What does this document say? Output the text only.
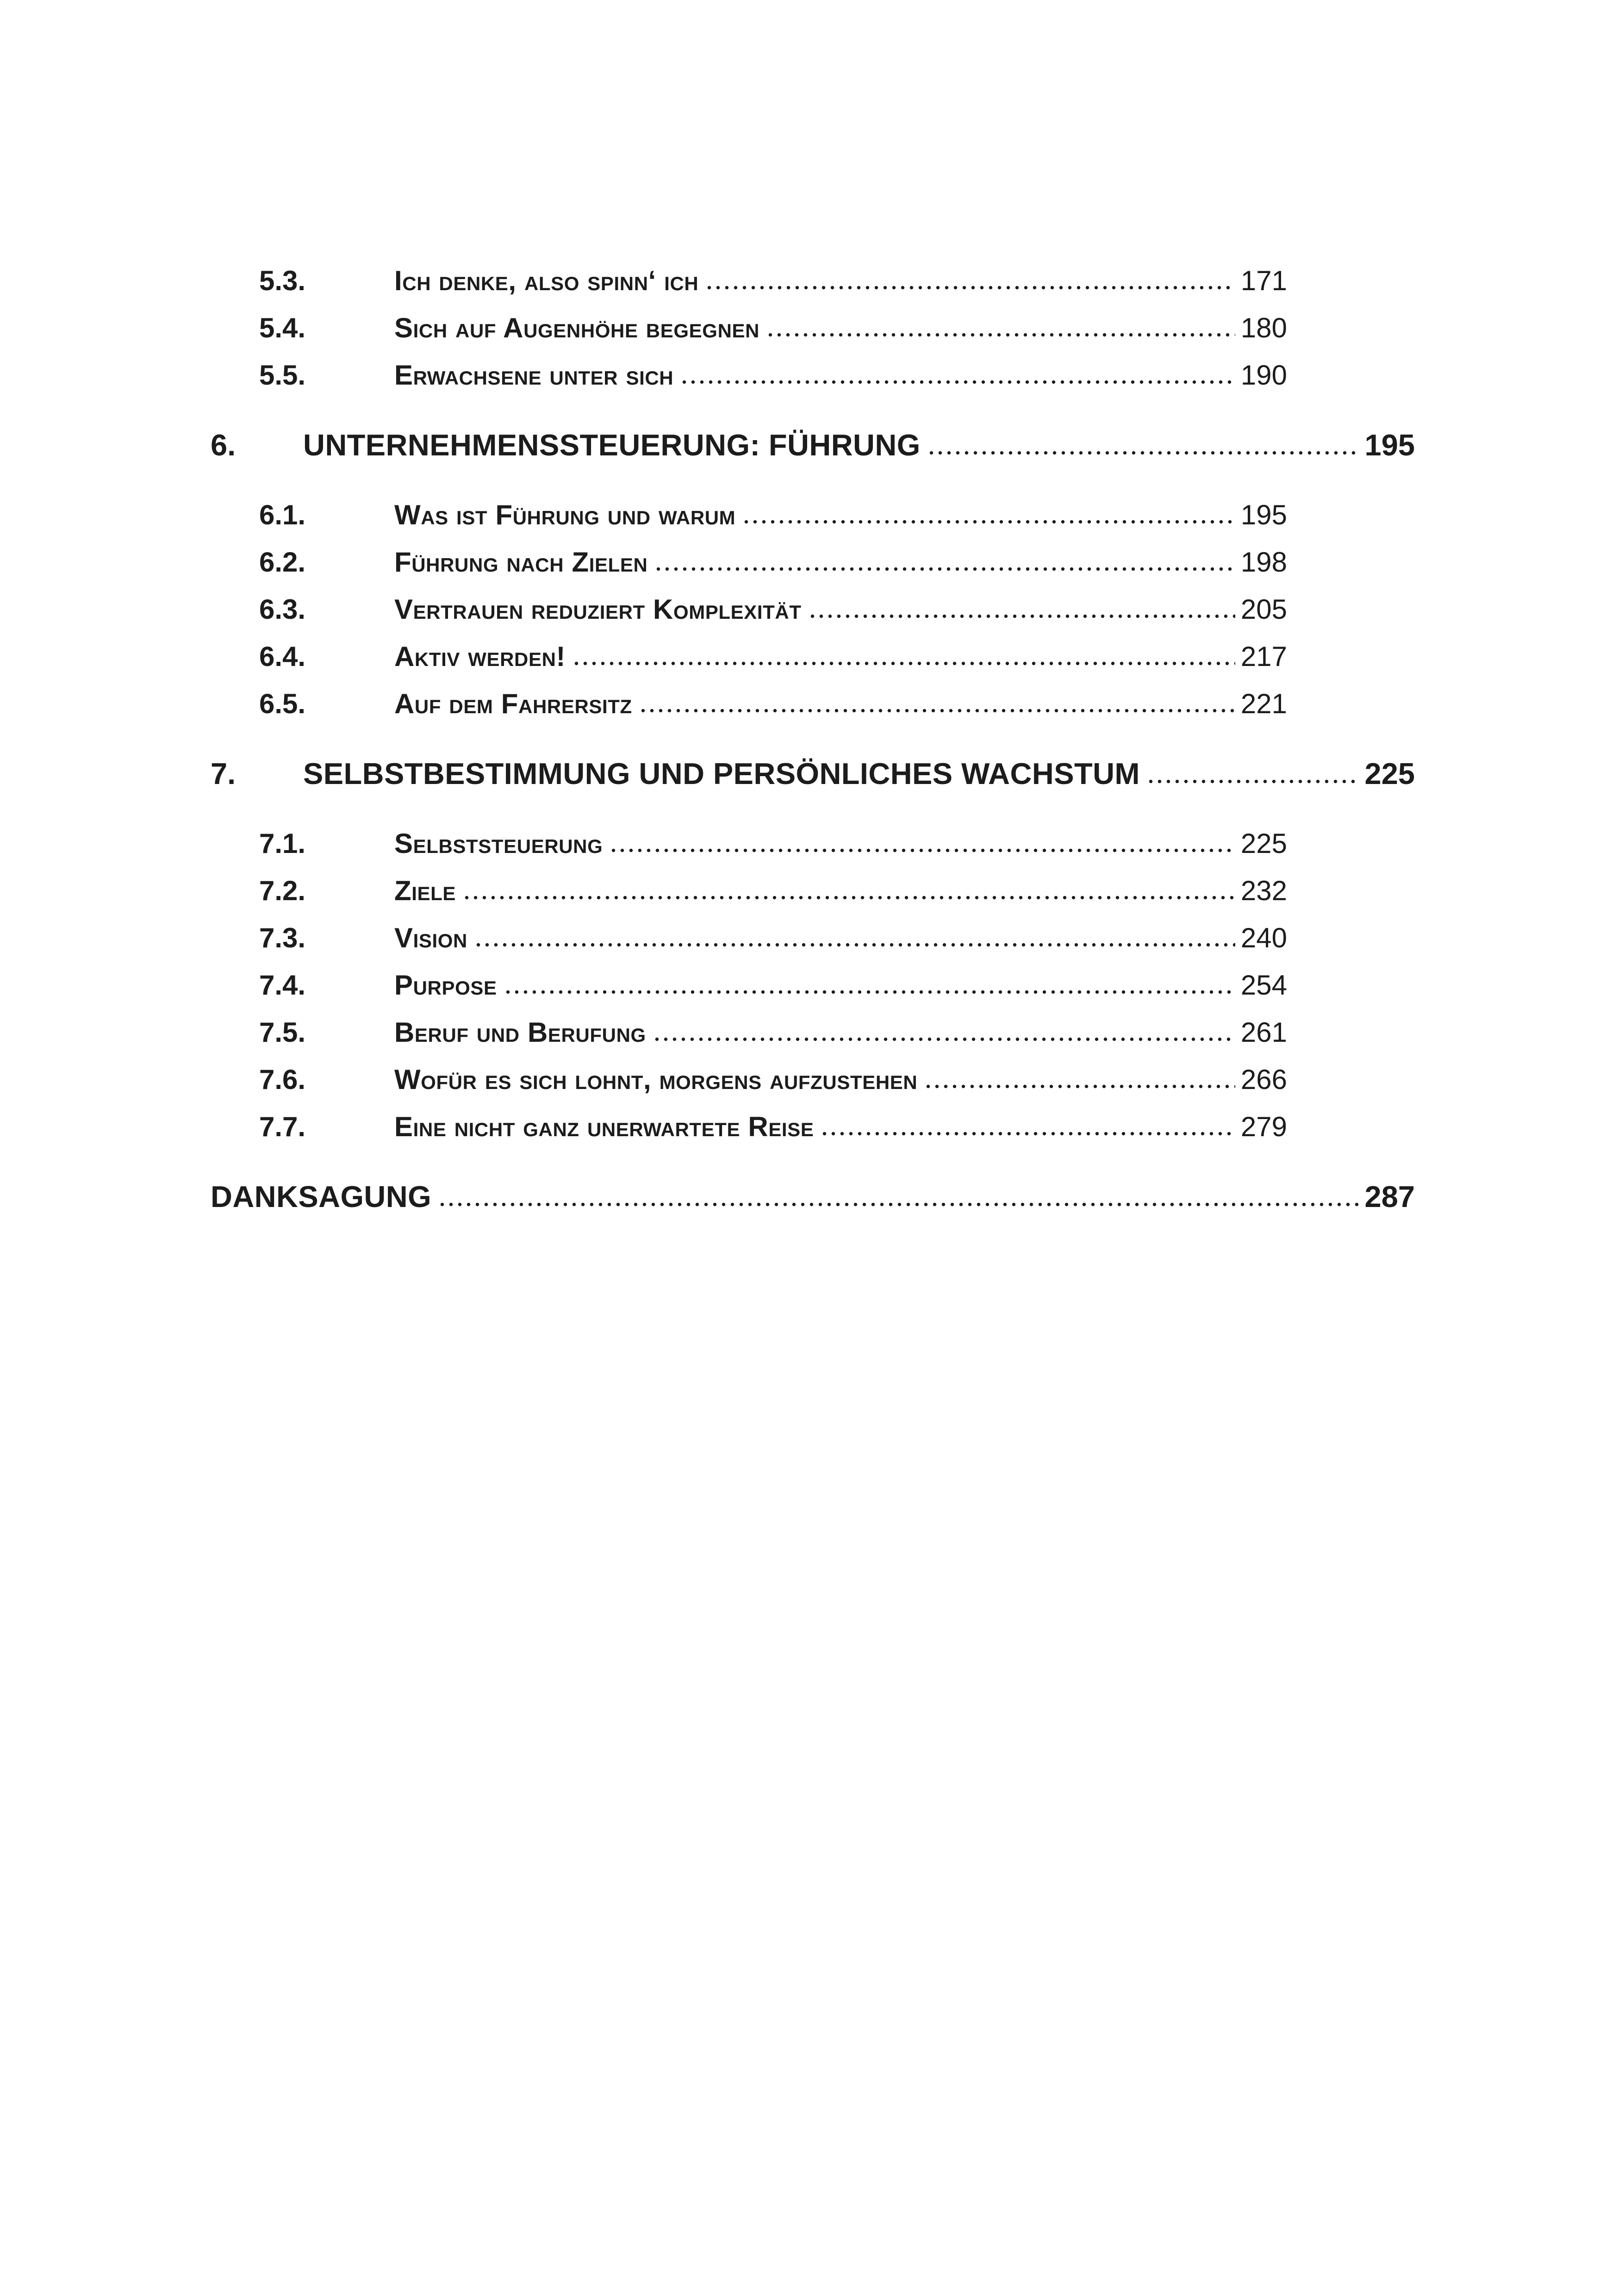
5.3.	Ich denke, also spinn‘ ich	171
5.4.	Sich auf Augenhöhe begegnen	180
5.5.	Erwachsene unter sich	190
6.	UNTERNEHMENSSTEUERUNG: FÜHRUNG	195
6.1.	Was ist Führung und warum	195
6.2.	Führung nach Zielen	198
6.3.	Vertrauen reduziert Komplexität	205
6.4.	Aktiv werden!	217
6.5.	Auf dem Fahrersitz	221
7.	SELBSTBESTIMMUNG UND PERSÖNLICHES WACHSTUM	225
7.1.	Selbststeuerung	225
7.2.	Ziele	232
7.3.	Vision	240
7.4.	Purpose	254
7.5.	Beruf und Berufung	261
7.6.	Wofür es sich lohnt, morgens aufzustehen	266
7.7.	Eine nicht ganz unerwartete Reise	279
DANKSAGUNG	287
